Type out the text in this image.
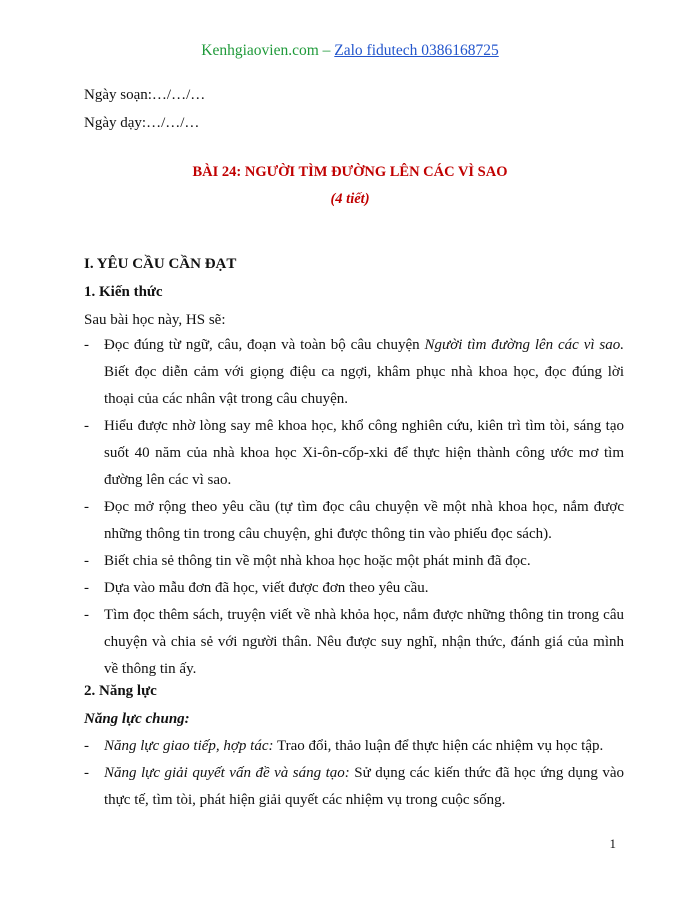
Kenhgiaovien.com – Zalo fidutech 0386168725
Ngày soạn:…/…/…
Ngày dạy:…/…/…
BÀI 24: NGƯỜI TÌM ĐƯỜNG LÊN CÁC VÌ SAO
(4 tiết)
I. YÊU CẦU CẦN ĐẠT
1. Kiến thức
Sau bài học này, HS sẽ:
- Đọc đúng từ ngữ, câu, đoạn và toàn bộ câu chuyện Người tìm đường lên các vì sao. Biết đọc diễn cảm với giọng điệu ca ngợi, khâm phục nhà khoa học, đọc đúng lời thoại của các nhân vật trong câu chuyện.
- Hiểu được nhờ lòng say mê khoa học, khổ công nghiên cứu, kiên trì tìm tòi, sáng tạo suốt 40 năm của nhà khoa học Xi-ôn-cốp-xki để thực hiện thành công ước mơ tìm đường lên các vì sao.
- Đọc mở rộng theo yêu cầu (tự tìm đọc câu chuyện về một nhà khoa học, nắm được những thông tin trong câu chuyện, ghi được thông tin vào phiếu đọc sách).
- Biết chia sẻ thông tin về một nhà khoa học hoặc một phát minh đã đọc.
- Dựa vào mẫu đơn đã học, viết được đơn theo yêu cầu.
- Tìm đọc thêm sách, truyện viết về nhà khỏa học, nắm được những thông tin trong câu chuyện và chia sẻ với người thân. Nêu được suy nghĩ, nhận thức, đánh giá của mình về thông tin ấy.
2. Năng lực
Năng lực chung:
- Năng lực giao tiếp, hợp tác: Trao đổi, thảo luận để thực hiện các nhiệm vụ học tập.
- Năng lực giải quyết vấn đề và sáng tạo: Sử dụng các kiến thức đã học ứng dụng vào thực tế, tìm tòi, phát hiện giải quyết các nhiệm vụ trong cuộc sống.
1
